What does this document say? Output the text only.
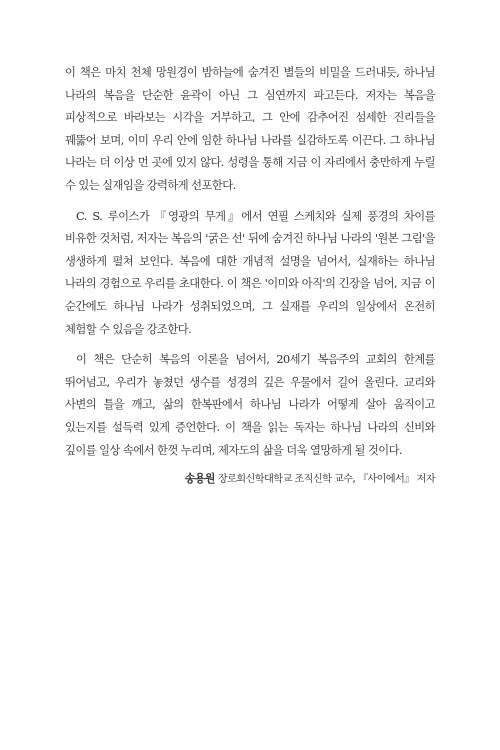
이 책은 마치 천체 망원경이 밤하늘에 숨겨진 별들의 비밀을 드러내듯, 하나님 나라의 복음을 단순한 윤곽이 아닌 그 심연까지 파고든다. 저자는 복음을 피상적으로 바라보는 시각을 거부하고, 그 안에 감추어진 섬세한 진리들을 꿰뚫어 보며, 이미 우리 안에 임한 하나님 나라를 실감하도록 이끈다. 그 하나님 나라는 더 이상 먼 곳에 있지 않다. 성령을 통해 지금 이 자리에서 충만하게 누릴 수 있는 실재임을 강력하게 선포한다.

C. S. 루이스가 『영광의 무게』에서 연필 스케치와 실제 풍경의 차이를 비유한 것처럼, 저자는 복음의 '굵은 선' 뒤에 숨겨진 하나님 나라의 '원본 그림'을 생생하게 펼쳐 보인다. 복음에 대한 개념적 설명을 넘어서, 실재하는 하나님 나라의 경험으로 우리를 초대한다. 이 책은 '이미와 아직'의 긴장을 넘어, 지금 이 순간에도 하나님 나라가 성취되었으며, 그 실재를 우리의 일상에서 온전히 체험할 수 있음을 강조한다.

이 책은 단순히 복음의 이론을 넘어서, 20세기 복음주의 교회의 한계를 뛰어넘고, 우리가 놓쳤던 생수를 성경의 깊은 우물에서 길어 올린다. 교리와 사변의 틀을 깨고, 삶의 한복판에서 하나님 나라가 어떻게 살아 움직이고 있는지를 설득력 있게 증언한다. 이 책을 읽는 독자는 하나님 나라의 신비와 깊이를 일상 속에서 한껏 누리며, 제자도의 삶을 더욱 열망하게 될 것이다.

송용원 장로회신학대학교 조직신학 교수, 『사이에서』 저자
